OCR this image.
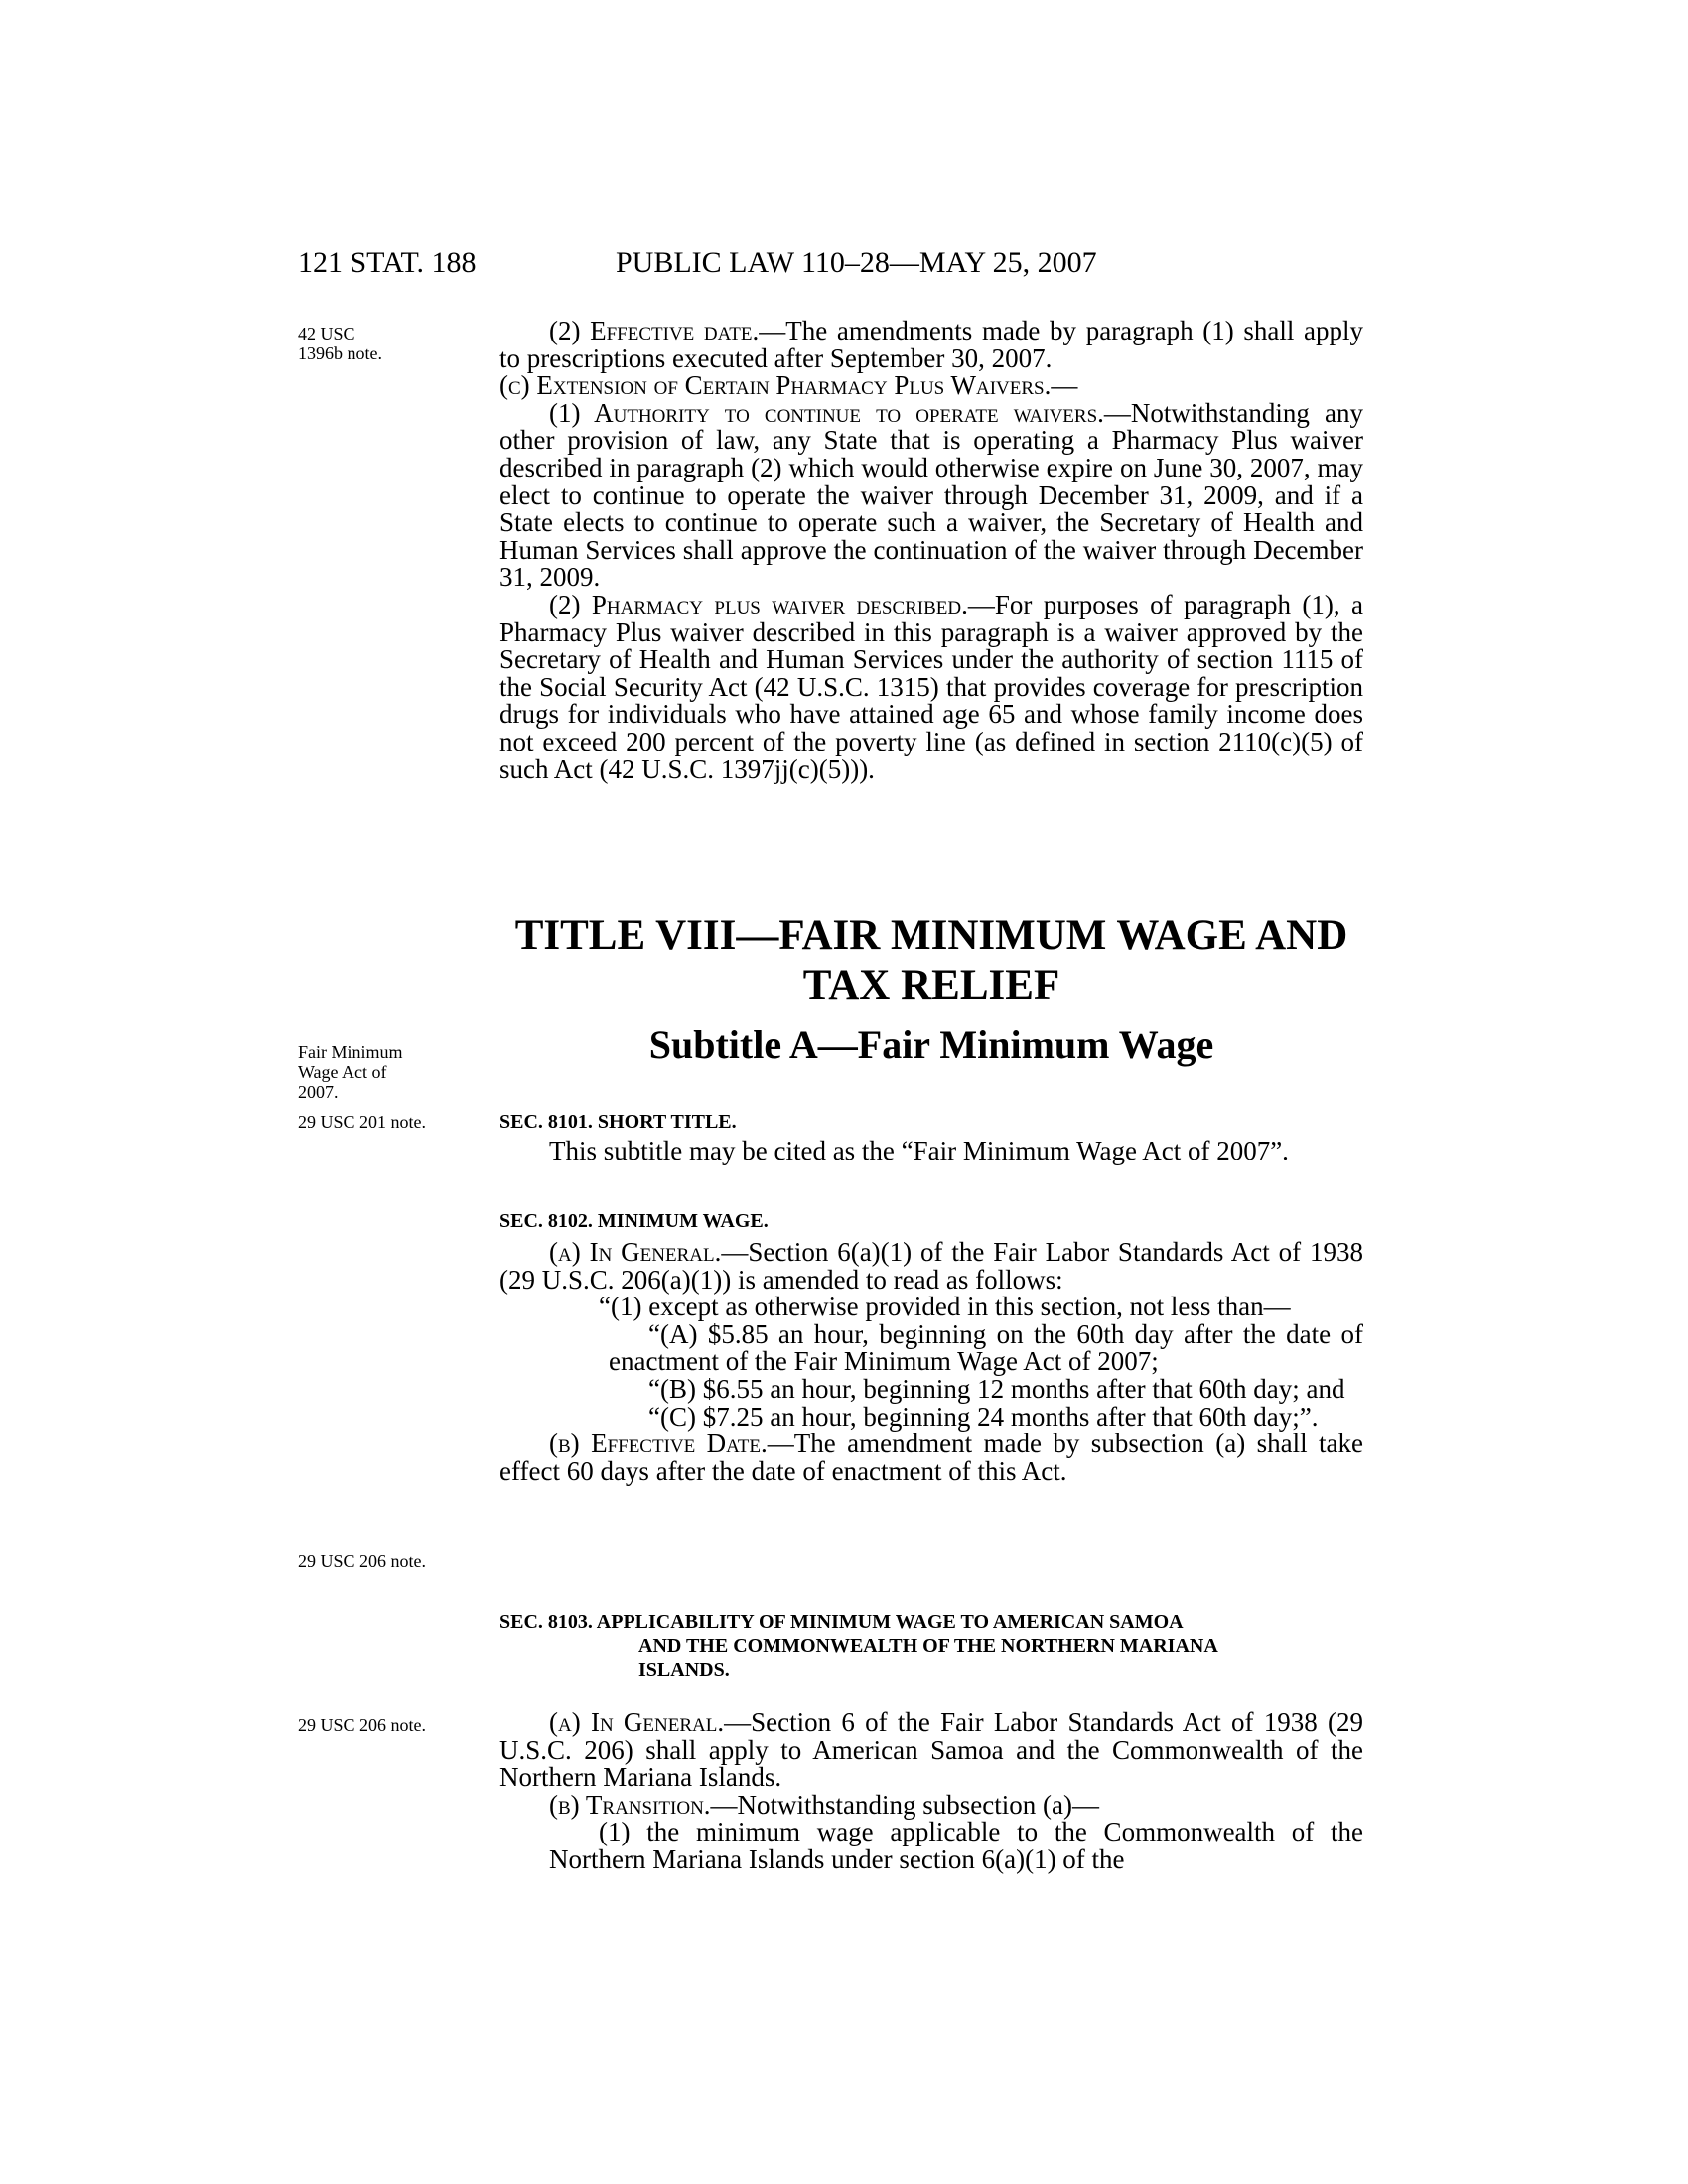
121 STAT. 188	PUBLIC LAW 110–28—MAY 25, 2007
42 USC 1396b note.
Fair Minimum Wage Act of 2007.
29 USC 201 note.
29 USC 206 note.
29 USC 206 note.

(2) Effective date.—The amendments made by paragraph (1) shall apply to prescriptions executed after September 30, 2007.

(c) Extension of Certain Pharmacy Plus Waivers.—

(1) Authority to continue to operate waivers.—Notwithstanding any other provision of law, any State that is operating a Pharmacy Plus waiver described in paragraph (2) which would otherwise expire on June 30, 2007, may elect to continue to operate the waiver through December 31, 2009, and if a State elects to continue to operate such a waiver, the Secretary of Health and Human Services shall approve the continuation of the waiver through December 31, 2009.

(2) Pharmacy plus waiver described.—For purposes of paragraph (1), a Pharmacy Plus waiver described in this paragraph is a waiver approved by the Secretary of Health and Human Services under the authority of section 1115 of the Social Security Act (42 U.S.C. 1315) that provides coverage for prescription drugs for individuals who have attained age 65 and whose family income does not exceed 200 percent of the poverty line (as defined in section 2110(c)(5) of such Act (42 U.S.C. 1397jj(c)(5))).

TITLE VIII—FAIR MINIMUM WAGE AND
TAX RELIEF
Subtitle A—Fair Minimum Wage
SEC. 8101. SHORT TITLE.

This subtitle may be cited as the “Fair Minimum Wage Act of 2007”.

SEC. 8102. MINIMUM WAGE.

(a) In General.—Section 6(a)(1) of the Fair Labor Standards Act of 1938 (29 U.S.C. 206(a)(1)) is amended to read as follows:

“(1) except as otherwise provided in this section, not less than—

“(A) $5.85 an hour, beginning on the 60th day after the date of enactment of the Fair Minimum Wage Act of 2007;

“(B) $6.55 an hour, beginning 12 months after that 60th day; and

“(C) $7.25 an hour, beginning 24 months after that 60th day;”.

(b) Effective Date.—The amendment made by subsection (a) shall take effect 60 days after the date of enactment of this Act.

SEC. 8103. APPLICABILITY OF MINIMUM WAGE TO AMERICAN SAMOA
AND THE COMMONWEALTH OF THE NORTHERN MARIANA
ISLANDS.

(a) In General.—Section 6 of the Fair Labor Standards Act of 1938 (29 U.S.C. 206) shall apply to American Samoa and the Commonwealth of the Northern Mariana Islands.

(b) Transition.—Notwithstanding subsection (a)—

(1) the minimum wage applicable to the Commonwealth of the Northern Mariana Islands under section 6(a)(1) of the
